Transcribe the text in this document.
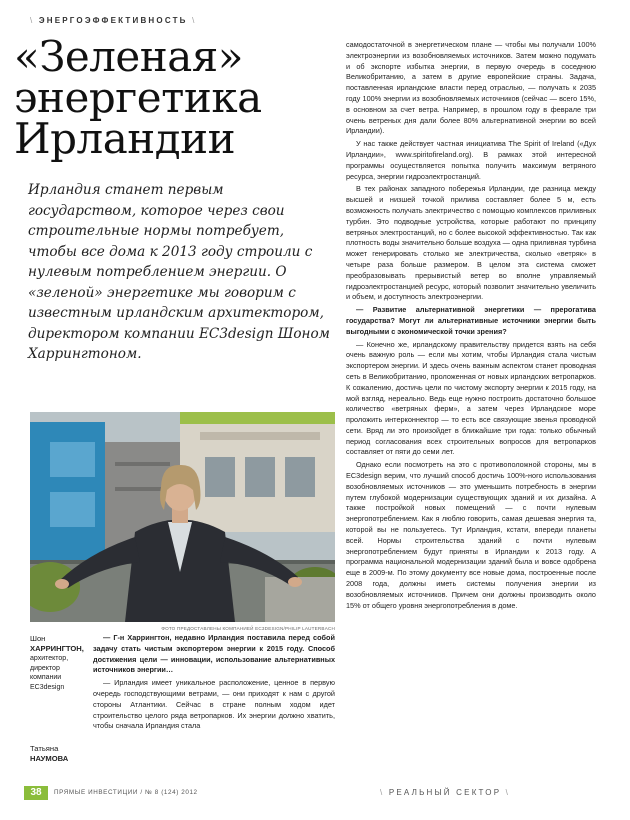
\ ЭНЕРГОЭФФЕКТИВНОСТЬ \
«Зеленая»
энергетика
Ирландии
Ирландия станет первым государством, которое через свои строительные нормы потребует, чтобы все дома к 2013 году строили с нулевым потреблением энергии. О «зеленой» энергетике мы говорим с известным ирландским архитектором, директором компании EC3design Шоном Харрингтоном.
ФОТО ПРЕДОСТАВЛЕНЫ КОМПАНИЕЙ EC3DESIGN/PHILIP LAUTERBACH
Шон
ХАРРИНГТОН,
архитектор, директор компании EC3design
Татьяна
НАУМОВА

— Г-н Харрингтон, недавно Ирландия поставила перед собой задачу стать чистым экспортером энергии к 2015 году. Способ достижения цели — инновации, использование альтернативных источников энергии…

— Ирландия имеет уникальное расположение, ценное в первую очередь господствующими ветрами, — они приходят к нам с другой стороны Атлантики. Сейчас в стране полным ходом идет строительство целого ряда ветропарков. Их энергии должно хватить, чтобы сначала Ирландия стала

самодостаточной в энергетическом плане — чтобы мы получали 100% электроэнергии из возобновляемых источников. Затем можно подумать и об экспорте избытка энергии, в первую очередь в соседнюю Великобританию, а затем в другие европейские страны. Задача, поставленная ирландские власти перед отраслью, — получать к 2035 году 100% энергии из возобновляемых источников (сейчас — всего 15%, в основном за счет ветра. Например, в прошлом году в феврале три очень ветреных дня дали более 80% альтернативной энергии во всей Ирландии).

У нас также действует частная инициатива The Spirit of Ireland («Дух Ирландии», www.spiritofireland.org). В рамках этой интересной программы осуществляется попытка получить максимум ветряного ресурса, энергии гидроэлектростанций.

В тех районах западного побережья Ирландии, где разница между высшей и низшей точкой прилива составляет более 5 м, есть возможность получать электричество с помощью комплексов приливных турбин. Это подводные устройства, которые работают по принципу ветряных электростанций, но с более высокой эффективностью. Так как плотность воды значительно больше воздуха — одна приливная турбина может генерировать столько же электричества, сколько «ветряк» в четыре раза больше размером. В целом эта система сможет преобразовывать прерывистый ветер во вполне управляемый гидроэлектростанцией ресурс, который позволит значительно увеличить и объем, и доступность электроэнергии.

— Развитие альтернативной энергетики — прерогатива государства? Могут ли альтернативные источники энергии быть выгодными с экономической точки зрения?

— Конечно же, ирландскому правительству придется взять на себя очень важную роль — если мы хотим, чтобы Ирландия стала чистым экспортером энергии. И здесь очень важным аспектом станет проводная сеть в Великобританию, проложенная от новых ирландских ветропарков. К сожалению, достичь цели по чистому экспорту энергии к 2015 году, на мой взгляд, нереально. Ведь еще нужно построить достаточно большое количество «ветряных ферм», а затем через Ирландское море проложить интерконнектор — то есть все связующие звенья проводной сети. Вряд ли это произойдет в ближайшие три года: только обычный период согласования всех строительных вопросов для ветропарков составляет от пяти до семи лет.

Однако если посмотреть на это с противоположной стороны, мы в EC3design верим, что лучший способ достичь 100%-ного использования возобновляемых источников — это уменьшить потребность в энергии путем глубокой модернизации существующих зданий и их дизайна. А также постройкой новых помещений — с почти нулевым энергопотреблением. Как я люблю говорить, самая дешевая энергия та, которой вы не пользуетесь. Тут Ирландия, кстати, впереди планеты всей. Нормы строительства зданий с почти нулевым энергопотреблением будут приняты в Ирландии к 2013 году. А программа национальной модернизации зданий была и вовсе одобрена еще в 2009-м. По этому документу все новые дома, построенные после 2008 года, должны иметь системы получения энергии из возобновляемых источников. Причем они должны производить около 15% от общего уровня энергопотребления в доме.

38	ПРЯМЫЕ ИНВЕСТИЦИИ / № 8 (124) 2012	\ РЕАЛЬНЫЙ СЕКТОР \
